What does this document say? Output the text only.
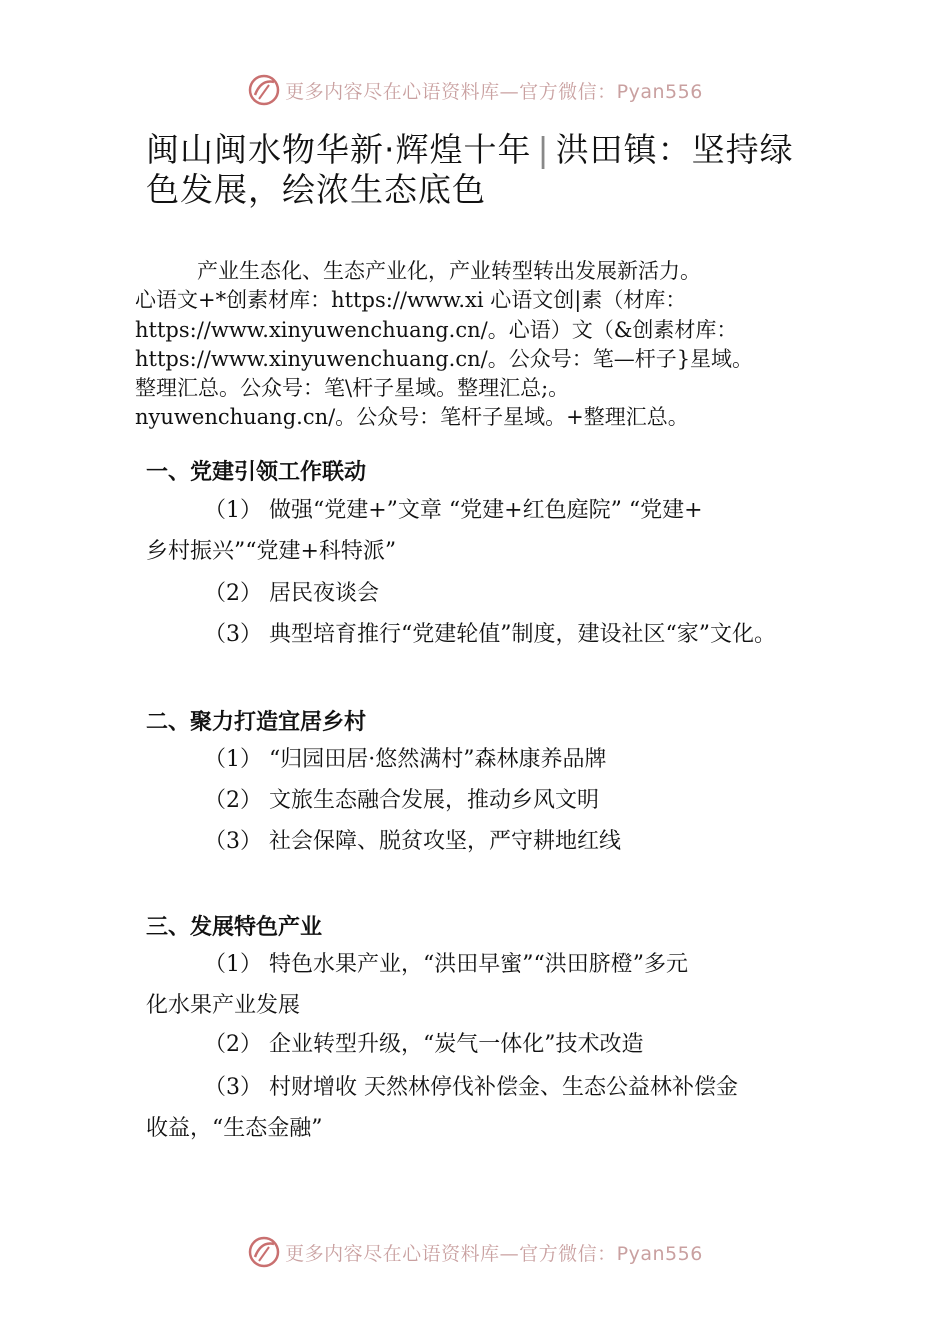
更多内容尽在心语资料库—官方微信：Pyan556
闽山闽水物华新·辉煌十年 | 洪田镇：坚持绿色发展，绘浓生态底色
产业生态化、生态产业化，产业转型转出发展新活力。
心语文+*创素材库：https://www.xi 心语文创|素（材库：
https://www.xinyuwenchuang.cn/。心语）文（&创素材库：
https://www.xinyuwenchuang.cn/。公众号：笔—杆子}星域。
整理汇总。公众号：笔\杆子星域。整理汇总;。
nyuwenchuang.cn/。公众号：笔杆子星域。+整理汇总。
一、党建引领工作联动
（1） 做强“党建+”文章 “党建+红色庭院” “党建+
乡村振兴”“党建+科特派”
（2） 居民夜谈会
（3） 典型培育推行“党建轮值”制度，建设社区“家”文化。
二、聚力打造宜居乡村
（1） “归园田居·悠然满村”森林康养品牌
（2） 文旅生态融合发展，推动乡风文明
（3） 社会保障、脱贫攻坚，严守耕地红线
三、发展特色产业
（1） 特色水果产业，“洪田早蜜”“洪田脐橙”多元
化水果产业发展
（2） 企业转型升级，“炭气一体化”技术改造
（3） 村财增收 天然林停伐补偿金、生态公益林补偿金
收益，“生态金融”
更多内容尽在心语资料库—官方微信：Pyan556
